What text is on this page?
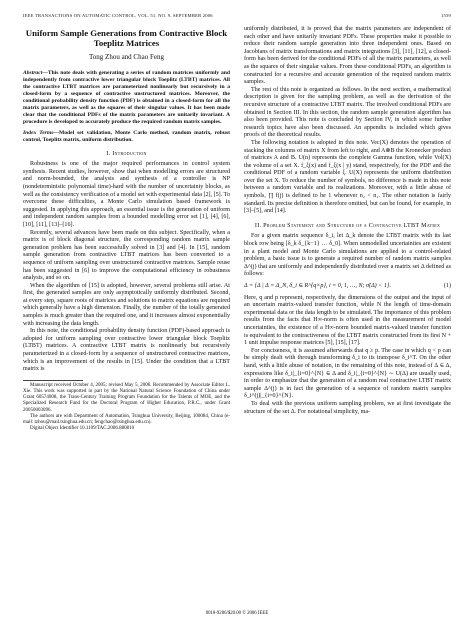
IEEE TRANSACTIONS ON AUTOMATIC CONTROL, VOL. 51, NO. 9, SEPTEMBER 2006	1559
Uniform Sample Generations from Contractive Block Toeplitz Matrices
Tong Zhou and Chao Feng

Abstract—This note deals with generating a series of random matrices uniformly and independently from contractive lower triangular block Toeplitz (LTBT) matrices. All the contractive LTBT matrices are parameterized nonlinearly but recursively in a closed-form by a sequence of contractive unstructured matrices. Moreover, the conditional probability density function (PDF) is obtained in a closed-form for all the matrix parameters, as well as the squares of their singular values. It has been made clear that the conditional PDFs of the matrix parameters are unitarily invariant. A procedure is developed to accurately produce the required random matrix samples.

Index Terms—Model set validation, Monte Carlo method, random matrix, robust control, Toeplitz matrix, uniform distribution.

I. Introduction

Robustness is one of the major required performances in control system synthesis. Recent studies, however, show that when modelling errors are structured and norm-bounded, the analysis and synthesis of a controller is NP (nondeterministic polynomial time)-hard with the number of uncertainty blocks, as well as the consistency verification of a model set with experimental data [2], [5]. To overcome these difficulties, a Monte Carlo simulation based framework is suggested. In applying this approach, an essential issue is the generation of uniform and independent random samples from a bounded modelling error set [1], [4], [6], [10], [11], [13]–[16].

Recently, several advances have been made on this subject. Specifically, when a matrix is of block diagonal structure, the corresponding random matrix sample generation problem has been successfully solved in [3] and [4]. In [15], random sample generation from contractive LTBT matrices has been converted to a sequence of uniform sampling over unstructured contractive matrices. Sample reuse has been suggested in [6] to improve the computational efficiency in robustness analysis, and so on.

When the algorithm of [15] is adopted, however, several problems still arise. At first, the generated samples are only asymptotically uniformly distributed. Second, at every step, square roots of matrices and solutions to matrix equations are required which generally have a high dimension. Finally, the number of the totally generated samples is much greater than the required one, and it increases almost exponentially with increasing the data length.

In this note, the conditional probability density function (PDF)-based approach is adopted for uniform sampling over contractive lower triangular block Toeplitz (LTBT) matrices. A contractive LTBT matrix is nonlinearly but recursively parameterized in a closed-form by a sequence of unstructured contractive matrices, which is an improvement of the results in [15]. Under the condition that a LTBT matrix is

Manuscript received October 4, 2005; revised May 5, 2006. Recommended by Associate Editor L. Xie. This work was supported in part by the National Natural Science Foundation of China under Grant 60574008, the Trans-Century Training Program Foundation for the Talents of MOE, and the Specialized Research Fund for the Doctoral Program of Higher Education, P.R.C., under Grant 20050003096.

The authors are with Department of Automation, Tsinghua University, Beijing, 100084, China (e-mail: tzhou@mail.tsinghua.edu.cn; fengchao@tsinghua.edu.cn).

Digital Object Identifier 10.1109/TAC.2006.880810

uniformly distributed, it is proved that the matrix parameters are independent of each other and have unitarily invariant PDFs. These properties make it possible to reduce their random sample generation into three independent ones. Based on Jacobians of matrix transformations and matrix integrations [3], [11], [12], a closed-form has been derived for the conditional PDFs of all the matrix parameters, as well as the squares of their singular values. From these conditional PDFs, an algorithm is constructed for a recursive and accurate generation of the required random matrix samples.

The rest of this note is organized as follows. In the next section, a mathematical description is given for the sampling problem, as well as the derivation of the recursive structure of a contractive LTBT matrix. The involved conditional PDFs are obtained in Section III. In this section, the random sample generation algorithm has also been provided. This note is concluded by Section IV, in which some further research topics have also been discussed. An appendix is included which gives proofs of the theoretical results.

The following notation is adopted in this note. Vec(X) denotes the operation of stacking the columns of matrix X from left to right, and A⊗B the Kronecker product of matrices A and B. U(n) represents the complete Gamma function, while Vol(X) the volume of a set X. f_ξ(x) and f_ξ(x | y) stand, respectively, for the PDF and the conditional PDF of a random variable ξ. U(X) represents the uniform distribution over the set X. To reduce the number of symbols, no difference is made in this note between a random variable and its realizations. Moreover, with a little abuse of symbols, ∏ f(j) is defined to be 1 whenever n₂ < n₁. The other notation is fairly standard. Its precise definition is therefore omitted, but can be found, for example, in [3]–[5], and [14].

II. Problem Statement and Structure of a Contractive LTBT Matrix

For a given matrix sequence δ_i, let Δ_k denote the LTBT matrix with its last block row being [δ_k δ_{k−1} … δ_0]. When unmodelled uncertainties are existent in a plant model and Monte Carlo simulations are applied to a control-related problem, a basic issue is to generate a required number of random matrix samples Δ^(j) that are uniformly and independently distributed over a matrix set Δ defined as follows:

Δ = {Δ | Δ = Δ_N, δ_i ∈ R^{q×p}, i = 0, 1, …, N; σ̄(Δ) < 1}.	(1)

Here, q and p represent, respectively, the dimensions of the output and the input of an uncertain matrix-valued transfer function, while N the length of time-domain experimental data or the data length to be simulated. The importance of this problem results from the facts that H∞-norm is often used in the measurement of model uncertainties, the existence of a H∞-norm bounded matrix-valued transfer function is equivalent to the contractiveness of the LTBT matrix constructed from its first N + 1 unit impulse response matrices [5], [15], [17].

For conciseness, it is assumed afterwards that q ≥ p. The case in which q < p can be simply dealt with through transforming δ_i to its transpose δ_i^T. On the other hand, with a little abuse of notation, in the remaining of this note, instead of Δ ∈ Δ, expressions like δ_i|_{i=0}^{N} ∈ Δ and δ_i|_{i=0}^{N} ∼ U(Δ) are usually used, in order to emphasize that the generation of a random real contractive LTBT matrix sample Δ^(j) is in fact the generation of a sequence of random matrix samples δ_i^(j)|_{i=0}^{N}.

To deal with the previous uniform sampling problem, we at first investigate the structure of the set Δ. For notational simplicity, ma-

0018-9286/$20.00 © 2006 IEEE
